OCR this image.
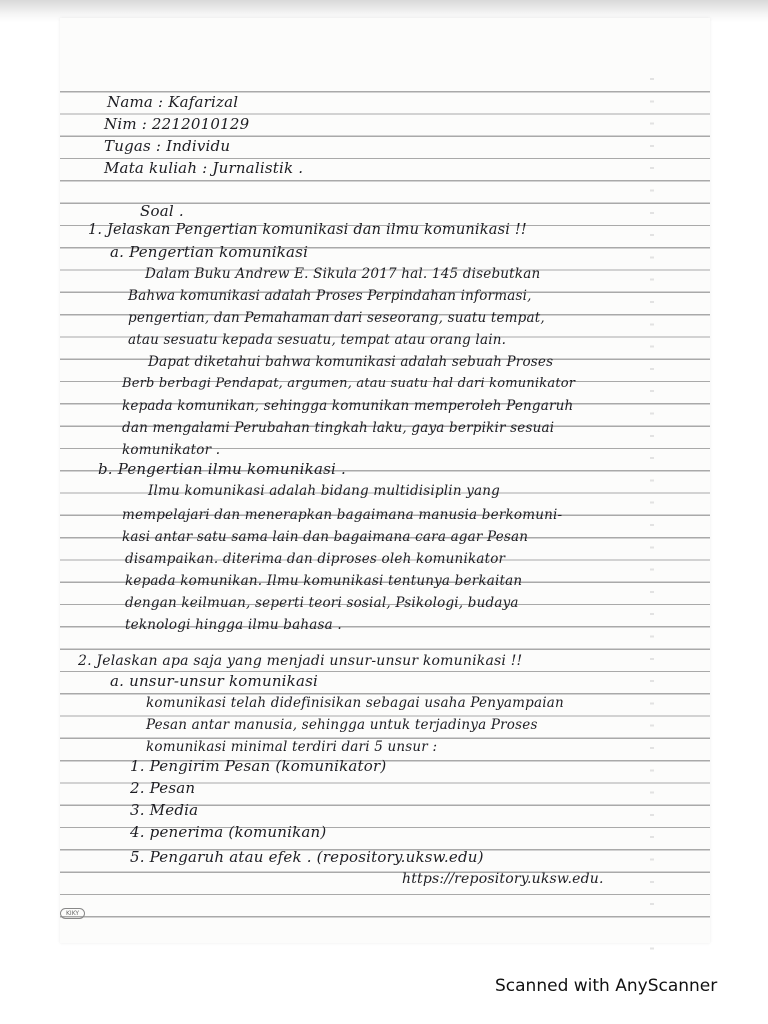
Nama : Kafarizal
Nim : 2212010129
Tugas : Individu
Mata kuliah : Jurnalistik .
Soal .
1. Jelaskan Pengertian komunikasi dan ilmu komunikasi !!
a. Pengertian komunikasi
Dalam Buku Andrew E. Sikula 2017 hal. 145 disebutkan
Bahwa komunikasi adalah Proses Perpindahan informasi,
pengertian, dan Pemahaman dari seseorang, suatu tempat,
atau sesuatu kepada sesuatu, tempat atau orang lain.
Dapat diketahui bahwa komunikasi adalah sebuah Proses
Berb berbagi Pendapat, argumen, atau suatu hal dari komunikator
kepada komunikan, sehingga komunikan memperoleh Pengaruh
dan mengalami Perubahan tingkah laku, gaya berpikir sesuai
komunikator .
b. Pengertian ilmu komunikasi .
Ilmu komunikasi adalah bidang multidisiplin yang
mempelajari dan menerapkan bagaimana manusia berkomuni-
kasi antar satu sama lain dan bagaimana cara agar Pesan
disampaikan. diterima dan diproses oleh komunikator
kepada komunikan. Ilmu komunikasi tentunya berkaitan
dengan keilmuan, seperti teori sosial, Psikologi, budaya
teknologi hingga ilmu bahasa .
2. Jelaskan apa saja yang menjadi unsur-unsur komunikasi !!
a. unsur-unsur komunikasi
komunikasi telah didefinisikan sebagai usaha Penyampaian
Pesan antar manusia, sehingga untuk terjadinya Proses
komunikasi minimal terdiri dari 5 unsur :
1. Pengirim Pesan (komunikator)
2. Pesan
3. Media
4. penerima (komunikan)
5. Pengaruh atau efek . (repository.uksw.edu)
https://repository.uksw.edu.
KIKY
Scanned with AnyScanner
